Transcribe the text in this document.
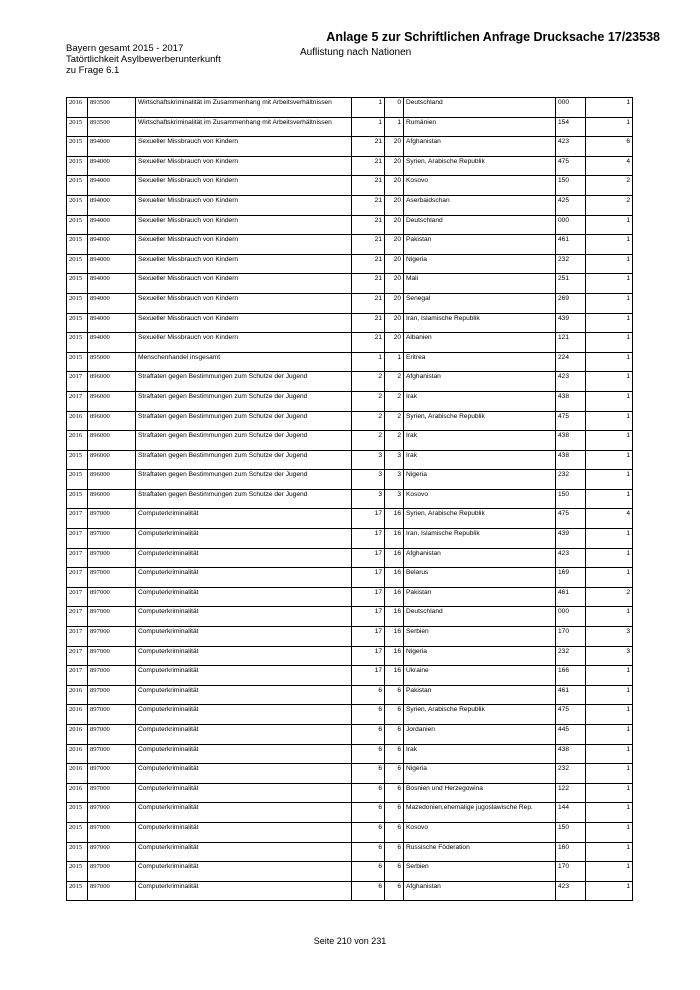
Anlage 5 zur Schriftlichen Anfrage Drucksache 17/23538
Bayern gesamt 2015 - 2017
Tatörtlichkeit Asylbewerberunterkunft
zu Frage 6.1
Auflistung nach Nationen
2016	893500	Wirtschaftskriminalität im Zusammenhang mit Arbeitsverhältnissen	1	0	Deutschland	000	1
2015	893500	Wirtschaftskriminalität im Zusammenhang mit Arbeitsverhältnissen	1	1	Rumänien	154	1
2015	894000	Sexueller Missbrauch von Kindern	21	20	Afghanistan	423	6
2015	894000	Sexueller Missbrauch von Kindern	21	20	Syrien, Arabische Republik	475	4
2015	894000	Sexueller Missbrauch von Kindern	21	20	Kosovo	150	2
2015	894000	Sexueller Missbrauch von Kindern	21	20	Aserbaidschan	425	2
2015	894000	Sexueller Missbrauch von Kindern	21	20	Deutschland	000	1
2015	894000	Sexueller Missbrauch von Kindern	21	20	Pakistan	461	1
2015	894000	Sexueller Missbrauch von Kindern	21	20	Nigeria	232	1
2015	894000	Sexueller Missbrauch von Kindern	21	20	Mali	251	1
2015	894000	Sexueller Missbrauch von Kindern	21	20	Senegal	269	1
2015	894000	Sexueller Missbrauch von Kindern	21	20	Iran, Islamische Republik	439	1
2015	894000	Sexueller Missbrauch von Kindern	21	20	Albanien	121	1
2015	895000	Menschenhandel insgesamt	1	1	Eritrea	224	1
2017	896000	Straftaten gegen Bestimmungen zum Schutze der Jugend	2	2	Afghanistan	423	1
2017	896000	Straftaten gegen Bestimmungen zum Schutze der Jugend	2	2	Irak	438	1
2016	896000	Straftaten gegen Bestimmungen zum Schutze der Jugend	2	2	Syrien, Arabische Republik	475	1
2016	896000	Straftaten gegen Bestimmungen zum Schutze der Jugend	2	2	Irak	438	1
2015	896000	Straftaten gegen Bestimmungen zum Schutze der Jugend	3	3	Irak	438	1
2015	896000	Straftaten gegen Bestimmungen zum Schutze der Jugend	3	3	Nigeria	232	1
2015	896000	Straftaten gegen Bestimmungen zum Schutze der Jugend	3	3	Kosovo	150	1
2017	897000	Computerkriminalität	17	16	Syrien, Arabische Republik	475	4
2017	897000	Computerkriminalität	17	16	Iran, Islamische Republik	439	1
2017	897000	Computerkriminalität	17	16	Afghanistan	423	1
2017	897000	Computerkriminalität	17	16	Belarus	169	1
2017	897000	Computerkriminalität	17	16	Pakistan	461	2
2017	897000	Computerkriminalität	17	16	Deutschland	000	1
2017	897000	Computerkriminalität	17	16	Serbien	170	3
2017	897000	Computerkriminalität	17	16	Nigeria	232	3
2017	897000	Computerkriminalität	17	16	Ukraine	166	1
2016	897000	Computerkriminalität	6	6	Pakistan	461	1
2016	897000	Computerkriminalität	6	6	Syrien, Arabische Republik	475	1
2016	897000	Computerkriminalität	6	6	Jordanien	445	1
2016	897000	Computerkriminalität	6	6	Irak	438	1
2016	897000	Computerkriminalität	6	6	Nigeria	232	1
2016	897000	Computerkriminalität	6	6	Bosnien und Herzegowina	122	1
2015	897000	Computerkriminalität	6	6	Mazedonien,ehemalige jugoslawische Rep.	144	1
2015	897000	Computerkriminalität	6	6	Kosovo	150	1
2015	897000	Computerkriminalität	6	6	Russische Föderation	160	1
2015	897000	Computerkriminalität	6	6	Serbien	170	1
2015	897000	Computerkriminalität	6	6	Afghanistan	423	1
Seite 210 von 231
